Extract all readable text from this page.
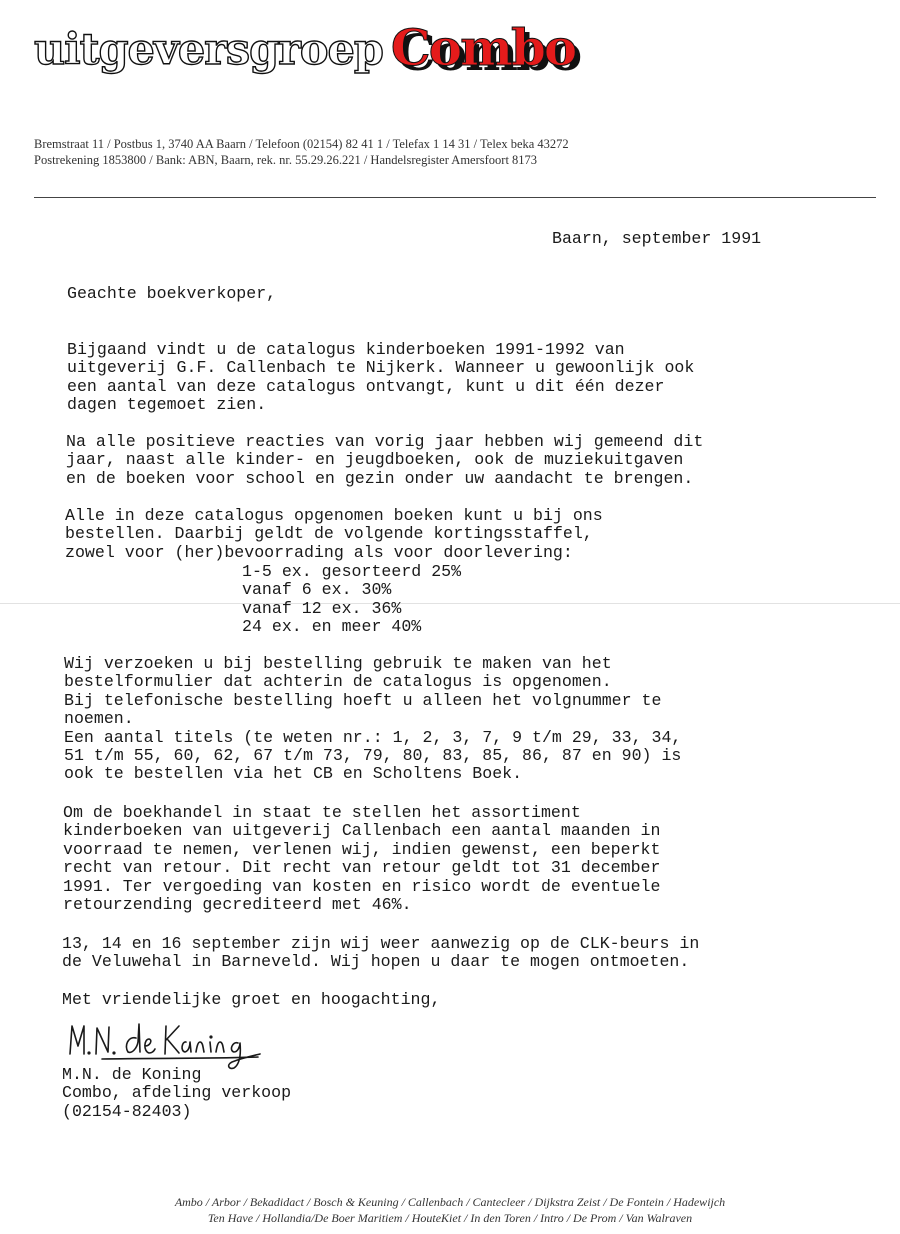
uitgeversgroep Combo

Bremstraat 11 / Postbus 1, 3740 AA Baarn / Telefoon (02154) 82 41 1 / Telefax 1 14 31 / Telex beka 43272

Postrekening 1853800 / Bank: ABN, Baarn, rek. nr. 55.29.26.221 / Handelsregister Amersfoort 8173

Baarn, september 1991

Geachte boekverkoper,

Bijgaand vindt u de catalogus kinderboeken 1991-1992 van
uitgeverij G.F. Callenbach te Nijkerk. Wanneer u gewoonlijk ook
een aantal van deze catalogus ontvangt, kunt u dit één dezer
dagen tegemoet zien.
Na alle positieve reacties van vorig jaar hebben wij gemeend dit
jaar, naast alle kinder- en jeugdboeken, ook de muziekuitgaven
en de boeken voor school en gezin onder uw aandacht te brengen.
Alle in deze catalogus opgenomen boeken kunt u bij ons
bestellen. Daarbij geldt de volgende kortingsstaffel,
zowel voor (her)bevoorrading als voor doorlevering:
1-5 ex. gesorteerd 25%
vanaf 6 ex. 30%
vanaf 12 ex. 36%
24 ex. en meer 40%
Wij verzoeken u bij bestelling gebruik te maken van het
bestelformulier dat achterin de catalogus is opgenomen.
Bij telefonische bestelling hoeft u alleen het volgnummer te
noemen.
Een aantal titels (te weten nr.: 1, 2, 3, 7, 9 t/m 29, 33, 34,
51 t/m 55, 60, 62, 67 t/m 73, 79, 80, 83, 85, 86, 87 en 90) is
ook te bestellen via het CB en Scholtens Boek.
Om de boekhandel in staat te stellen het assortiment
kinderboeken van uitgeverij Callenbach een aantal maanden in
voorraad te nemen, verlenen wij, indien gewenst, een beperkt
recht van retour. Dit recht van retour geldt tot 31 december
1991. Ter vergoeding van kosten en risico wordt de eventuele
retourzending gecrediteerd met 46%.
13, 14 en 16 september zijn wij weer aanwezig op de CLK-beurs in
de Veluwehal in Barneveld. Wij hopen u daar te mogen ontmoeten.

Met vriendelijke groet en hoogachting,

M.N. de Koning
Combo, afdeling verkoop
(02154-82403)

Ambo / Arbor / Bekadidact / Bosch & Keuning / Callenbach / Cantecleer / Dijkstra Zeist / De Fontein / Hadewijch

Ten Have / Hollandia/De Boer Maritiem / HouteKiet / In den Toren / Intro / De Prom / Van Walraven
